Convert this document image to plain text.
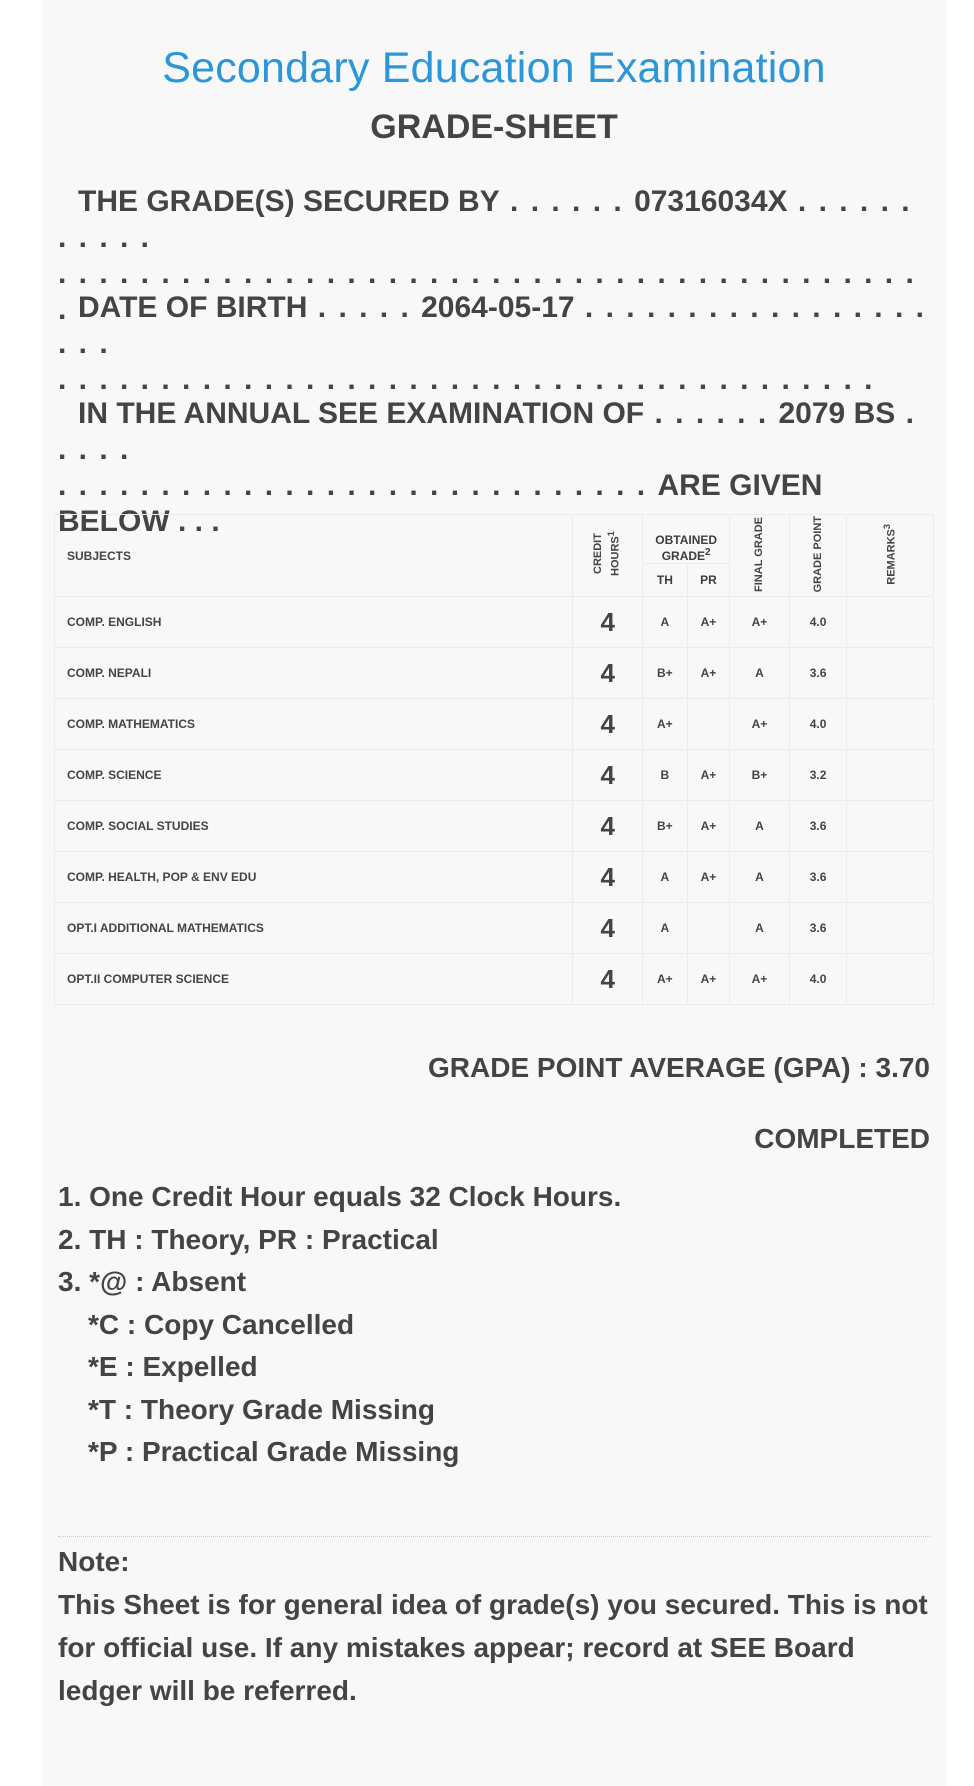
Secondary Education Examination
GRADE-SHEET
THE GRADE(S) SECURED BY . . . . . . 07316034X . . . . . . . . . . .
. . . . . . . . . . . . . . . . . . . . . . . . . . . . . . . . . . . . . . . . . . . DATE OF BIRTH . . . . . 2064-05-17 . . . . . . . . . . . . . . . . . . . .
. . . . . . . . . . . . . . . . . . . . . . . . . . . . . . . . . . . . . . . .
IN THE ANNUAL SEE EXAMINATION OF . . . . . . 2079 BS . . . . .
. . . . . . . . . . . . . . . . . . . . . . . . . . . . . ARE GIVEN BELOW . . .
SUBJECTS	CREDIT HOURS$^1$	OBTAINED GRADE$^2$		FINAL GRADE	GRADE POINT	REMARKS$^3$
		TH	PR			
COMP. ENGLISH	4	A	A+	A+	4.0	
COMP. NEPALI	4	B+	A+	A	3.6	
COMP. MATHEMATICS	4	A+		A+	4.0	
COMP. SCIENCE	4	B	A+	B+	3.2	
COMP. SOCIAL STUDIES	4	B+	A+	A	3.6	
COMP. HEALTH, POP & ENV EDU	4	A	A+	A	3.6	
OPT.I ADDITIONAL MATHEMATICS	4	A		A	3.6	
OPT.II COMPUTER SCIENCE	4	A+	A+	A+	4.0	
GRADE POINT AVERAGE (GPA) : 3.70
COMPLETED
1. One Credit Hour equals 32 Clock Hours.
2. TH : Theory, PR : Practical
3. *@ : Absent
*C : Copy Cancelled
*E : Expelled
*T : Theory Grade Missing
*P : Practical Grade Missing
Note:
This Sheet is for general idea of grade(s) you secured. This is not for official use. If any mistakes appear; record at SEE Board ledger will be referred.
